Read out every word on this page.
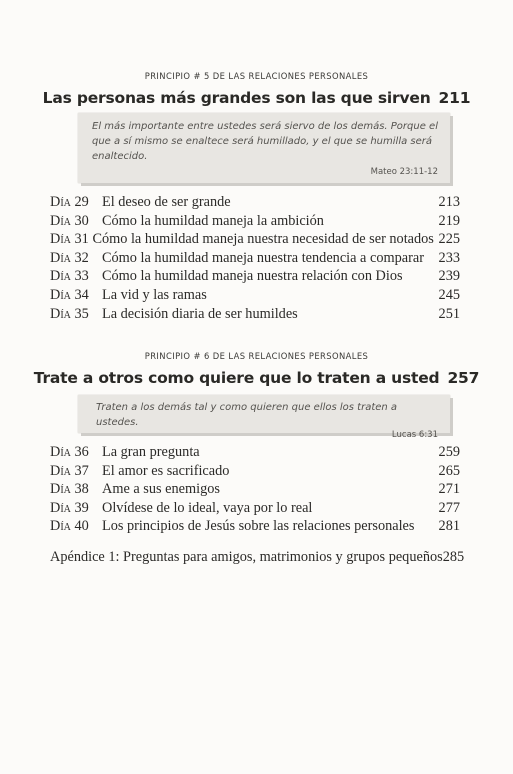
PRINCIPIO # 5 DE LAS RELACIONES PERSONALES
Las personas más grandes son las que sirven 211
El más importante entre ustedes será siervo de los demás. Porque el que a sí mismo se enaltece será humillado, y el que se humilla será enaltecido.
Mateo 23:11-12
Día 29 El deseo de ser grande	213
Día 30 Cómo la humildad maneja la ambición	219
Día 31 Cómo la humildad maneja nuestra necesidad de ser notados 225
Día 32 Cómo la humildad maneja nuestra tendencia a comparar	233
Día 33 Cómo la humildad maneja nuestra relación con Dios	239
Día 34 La vid y las ramas	245
Día 35 La decisión diaria de ser humildes	251
PRINCIPIO # 6 DE LAS RELACIONES PERSONALES
Trate a otros como quiere que lo traten a usted 257
Traten a los demás tal y como quieren que ellos los traten a ustedes.
Lucas 6:31
Día 36 La gran pregunta	259
Día 37 El amor es sacrificado	265
Día 38 Ame a sus enemigos	271
Día 39 Olvídese de lo ideal, vaya por lo real	277
Día 40 Los principios de Jesús sobre las relaciones personales	281
Apéndice 1: Preguntas para amigos, matrimonios y grupos pequeños 285
